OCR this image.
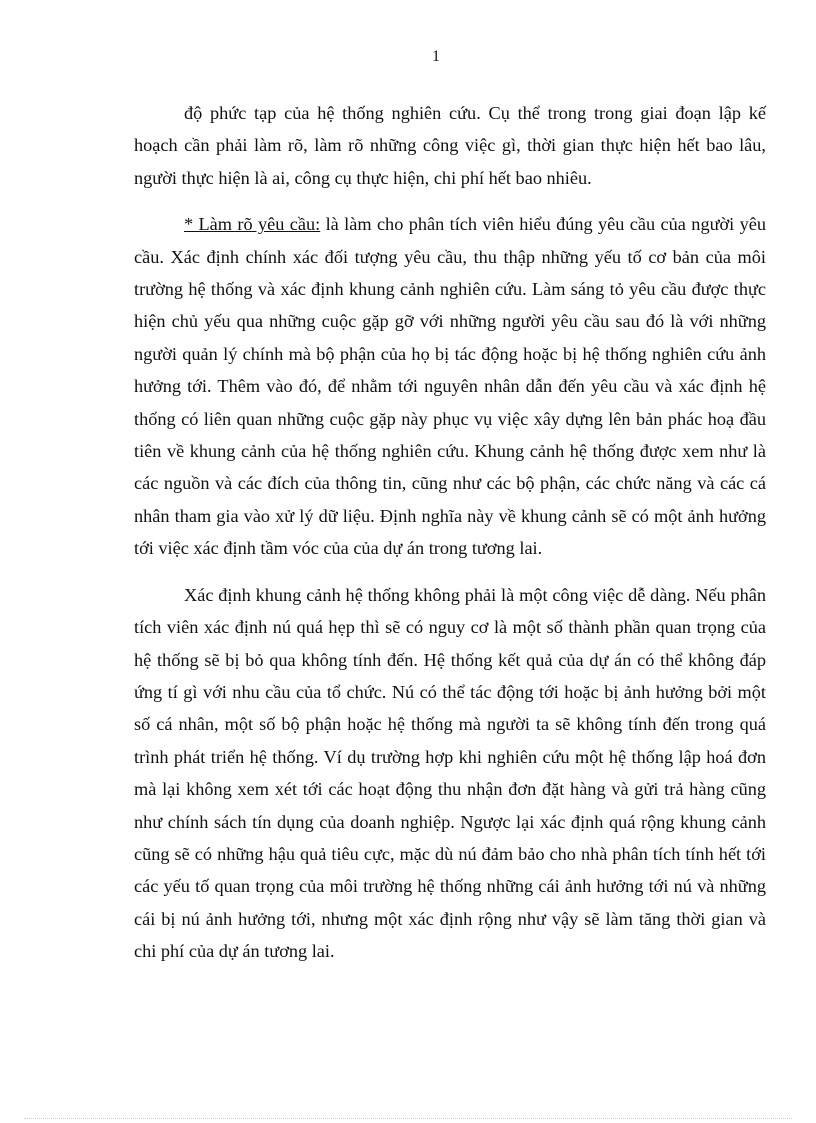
1

độ phức tạp của hệ thống nghiên cứu. Cụ thể trong trong giai đoạn lập kế hoạch cần phải làm rõ, làm rõ những công việc gì, thời gian thực hiện hết bao lâu, người thực hiện là ai, công cụ thực hiện, chi phí hết bao nhiêu.

* Làm rõ yêu cầu: là làm cho phân tích viên hiểu đúng yêu cầu của người yêu cầu. Xác định chính xác đối tượng yêu cầu, thu thập những yếu tố cơ bản của môi trường hệ thống và xác định khung cảnh nghiên cứu. Làm sáng tỏ yêu cầu được thực hiện chủ yếu qua những cuộc gặp gỡ với những người yêu cầu sau đó là với những người quản lý chính mà bộ phận của họ bị tác động hoặc bị hệ thống nghiên cứu ảnh hưởng tới. Thêm vào đó, để nhằm tới nguyên nhân dẫn đến yêu cầu và xác định hệ thống có liên quan những cuộc gặp này phục vụ việc xây dựng lên bản phác hoạ đầu tiên về khung cảnh của hệ thống nghiên cứu. Khung cảnh hệ thống được xem như là các nguồn và các đích của thông tin, cũng như các bộ phận, các chức năng và các cá nhân tham gia vào xử lý dữ liệu. Định nghĩa này về khung cảnh sẽ có một ảnh hưởng tới việc xác định tầm vóc của của dự án trong tương lai.

Xác định khung cảnh hệ thống không phải là một công việc dễ dàng. Nếu phân tích viên xác định nú quá hẹp thì sẽ có nguy cơ là một số thành phần quan trọng của hệ thống sẽ bị bỏ qua không tính đến. Hệ thống kết quả của dự án có thể không đáp ứng tí gì với nhu cầu của tổ chức. Nú có thể tác động tới hoặc bị ảnh hưởng bởi một số cá nhân, một số bộ phận hoặc hệ thống mà người ta sẽ không tính đến trong quá trình phát triển hệ thống. Ví dụ trường hợp khi nghiên cứu một hệ thống lập hoá đơn mà lại không xem xét tới các hoạt động thu nhận đơn đặt hàng và gửi trả hàng cũng như chính sách tín dụng của doanh nghiệp. Ngược lại xác định quá rộng khung cảnh cũng sẽ có những hậu quả tiêu cực, mặc dù nú đảm bảo cho nhà phân tích tính hết tới các yếu tố quan trọng của môi trường hệ thống những cái ảnh hưởng tới nú và những cái bị nú ảnh hưởng tới, nhưng một xác định rộng như vậy sẽ làm tăng thời gian và chi phí của dự án tương lai.
